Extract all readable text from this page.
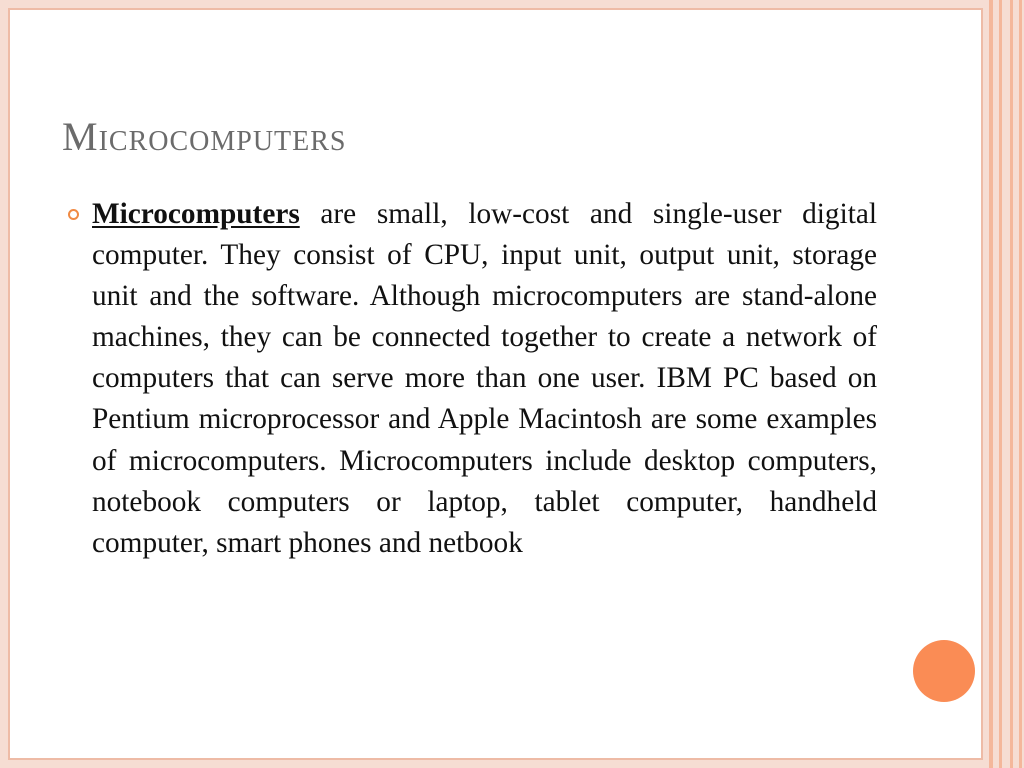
Microcomputers

Microcomputers are small, low-cost and single-user digital computer. They consist of CPU, input unit, output unit, storage unit and the software. Although microcomputers are stand-alone machines, they can be connected together to create a network of computers that can serve more than one user. IBM PC based on Pentium microprocessor and Apple Macintosh are some examples of microcomputers. Microcomputers include desktop computers, notebook computers or laptop, tablet computer, handheld computer, smart phones and netbook
